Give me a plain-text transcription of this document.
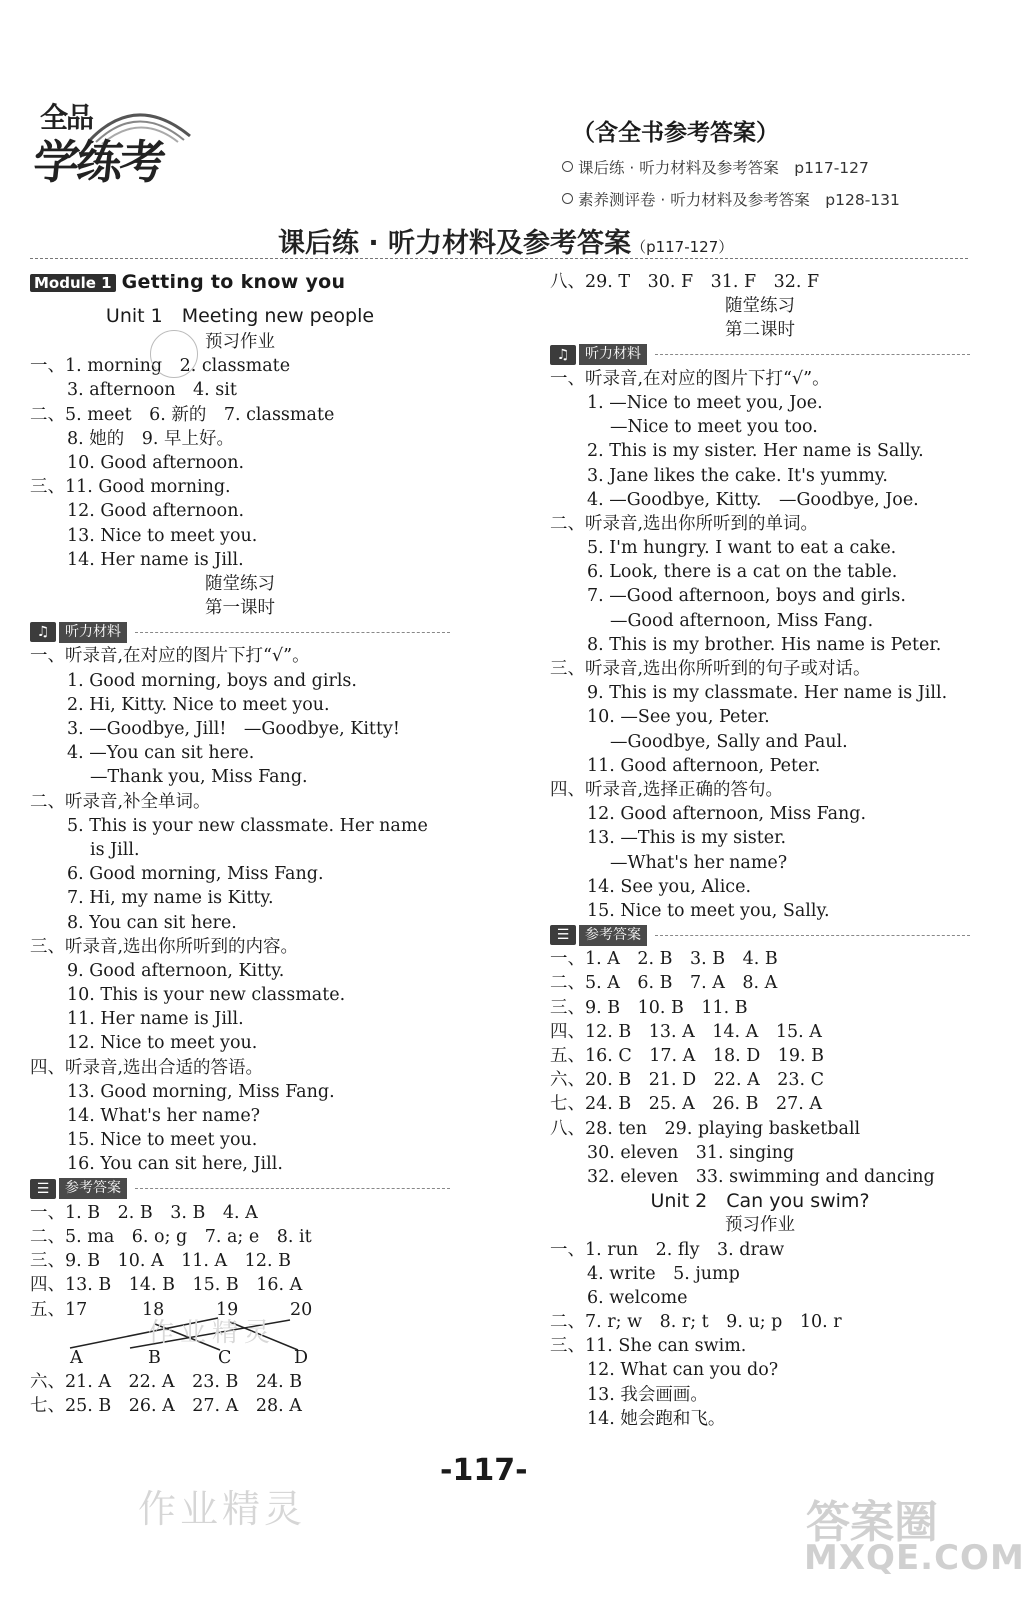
全品
学练考
（含全书参考答案）
课后练 · 听力材料及参考答案　p117-127
素养测评卷 · 听力材料及参考答案　p128-131
课后练 · 听力材料及参考答案（p117-127）
Module 1 Getting to know you
Unit 1　Meeting new people
预习作业
一、1. morning　2. classmate
3. afternoon　4. sit
二、5. meet　6. 新的　7. classmate
8. 她的　9. 早上好。
10. Good afternoon.
三、11. Good morning.
12. Good afternoon.
13. Nice to meet you.
14. Her name is Jill.
随堂练习
第一课时
♫	听力材料
一、听录音,在对应的图片下打“√”。
1. Good morning, boys and girls.
2. Hi, Kitty. Nice to meet you.
3. —Goodbye, Jill!　—Goodbye, Kitty!
4. —You can sit here.
—Thank you, Miss Fang.
二、听录音,补全单词。
5. This is your new classmate. Her name
is Jill.
6. Good morning, Miss Fang.
7. Hi, my name is Kitty.
8. You can sit here.
三、听录音,选出你所听到的内容。
9. Good afternoon, Kitty.
10. This is your new classmate.
11. Her name is Jill.
12. Nice to meet you.
四、听录音,选出合适的答语。
13. Good morning, Miss Fang.
14. What's her name?
15. Nice to meet you.
16. You can sit here, Jill.
☰	参考答案
一、1. B　2. B　3. B　4. A
二、5. ma　6. o; g　7. a; e　8. it
三、9. B　10. A　11. A　12. B
四、13. B　14. B　15. B　16. A
五、17	18	19	20
A	B	C	D
六、21. A　22. A　23. B　24. B
七、25. B　26. A　27. A　28. A
八、29. T　30. F　31. F　32. F
随堂练习
第二课时
♫	听力材料
一、听录音,在对应的图片下打“√”。
1. —Nice to meet you, Joe.
—Nice to meet you too.
2. This is my sister. Her name is Sally.
3. Jane likes the cake. It's yummy.
4. —Goodbye, Kitty.　—Goodbye, Joe.
二、听录音,选出你所听到的单词。
5. I'm hungry. I want to eat a cake.
6. Look, there is a cat on the table.
7. —Good afternoon, boys and girls.
—Good afternoon, Miss Fang.
8. This is my brother. His name is Peter.
三、听录音,选出你所听到的句子或对话。
9. This is my classmate. Her name is Jill.
10. —See you, Peter.
—Goodbye, Sally and Paul.
11. Good afternoon, Peter.
四、听录音,选择正确的答句。
12. Good afternoon, Miss Fang.
13. —This is my sister.
—What's her name?
14. See you, Alice.
15. Nice to meet you, Sally.
☰	参考答案
一、1. A　2. B　3. B　4. B
二、5. A　6. B　7. A　8. A
三、9. B　10. B　11. B
四、12. B　13. A　14. A　15. A
五、16. C　17. A　18. D　19. B
六、20. B　21. D　22. A　23. C
七、24. B　25. A　26. B　27. A
八、28. ten　29. playing basketball
30. eleven　31. singing
32. eleven　33. swimming and dancing
Unit 2　Can you swim?
预习作业
一、1. run　2. fly　3. draw
4. write　5. jump
6. welcome
二、7. r; w　8. r; t　9. u; p　10. r
三、11. She can swim.
12. What can you do?
13. 我会画画。
14. 她会跑和飞。
-117-
作业精灵
作业精灵	答案圈
MXQE.COM
